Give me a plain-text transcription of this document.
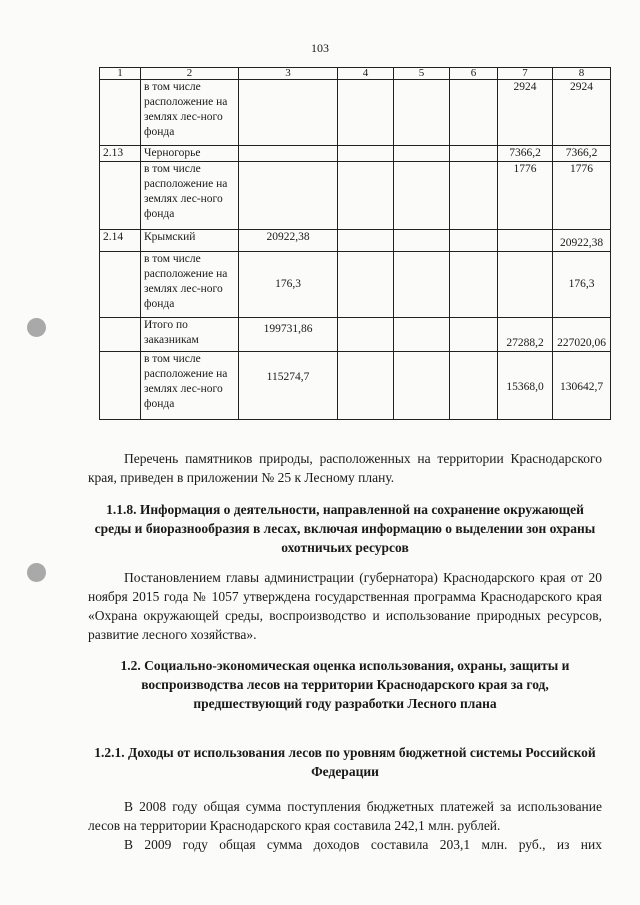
103
1	2	3	4	5	6	7	8
	в том числе расположение на землях лес-ного фонда					2924	2924
2.13	Черногорье					7366,2	7366,2
	в том числе расположение на землях лес-ного фонда					1776	1776
2.14	Крымский	20922,38					20922,38
	в том числе расположение на землях лес-ного фонда	176,3					176,3
	Итого по заказникам	199731,86				27288,2	227020,06
	в том числе расположение на землях лес-ного фонда	115274,7				15368,0	130642,7

Перечень памятников природы, расположенных на территории Краснодарского края, приведен в приложении № 25 к Лесному плану.

1.1.8. Информация о деятельности, направленной на сохранение окружающей среды и биоразнообразия в лесах, включая информацию о выделении зон охраны охотничьих ресурсов

Постановлением главы администрации (губернатора) Краснодарского края от 20 ноября 2015 года № 1057 утверждена государственная программа Краснодарского края «Охрана окружающей среды, воспроизводство и использование природных ресурсов, развитие лесного хозяйства».

1.2. Социально-экономическая оценка использования, охраны, защиты и воспроизводства лесов на территории Краснодарского края за год, предшествующий году разработки Лесного плана

1.2.1. Доходы от использования лесов по уровням бюджетной системы Российской Федерации

В 2008 году общая сумма поступления бюджетных платежей за использование лесов на территории Краснодарского края составила 242,1 млн. рублей.

В 2009 году общая сумма доходов составила 203,1 млн. руб., из них
